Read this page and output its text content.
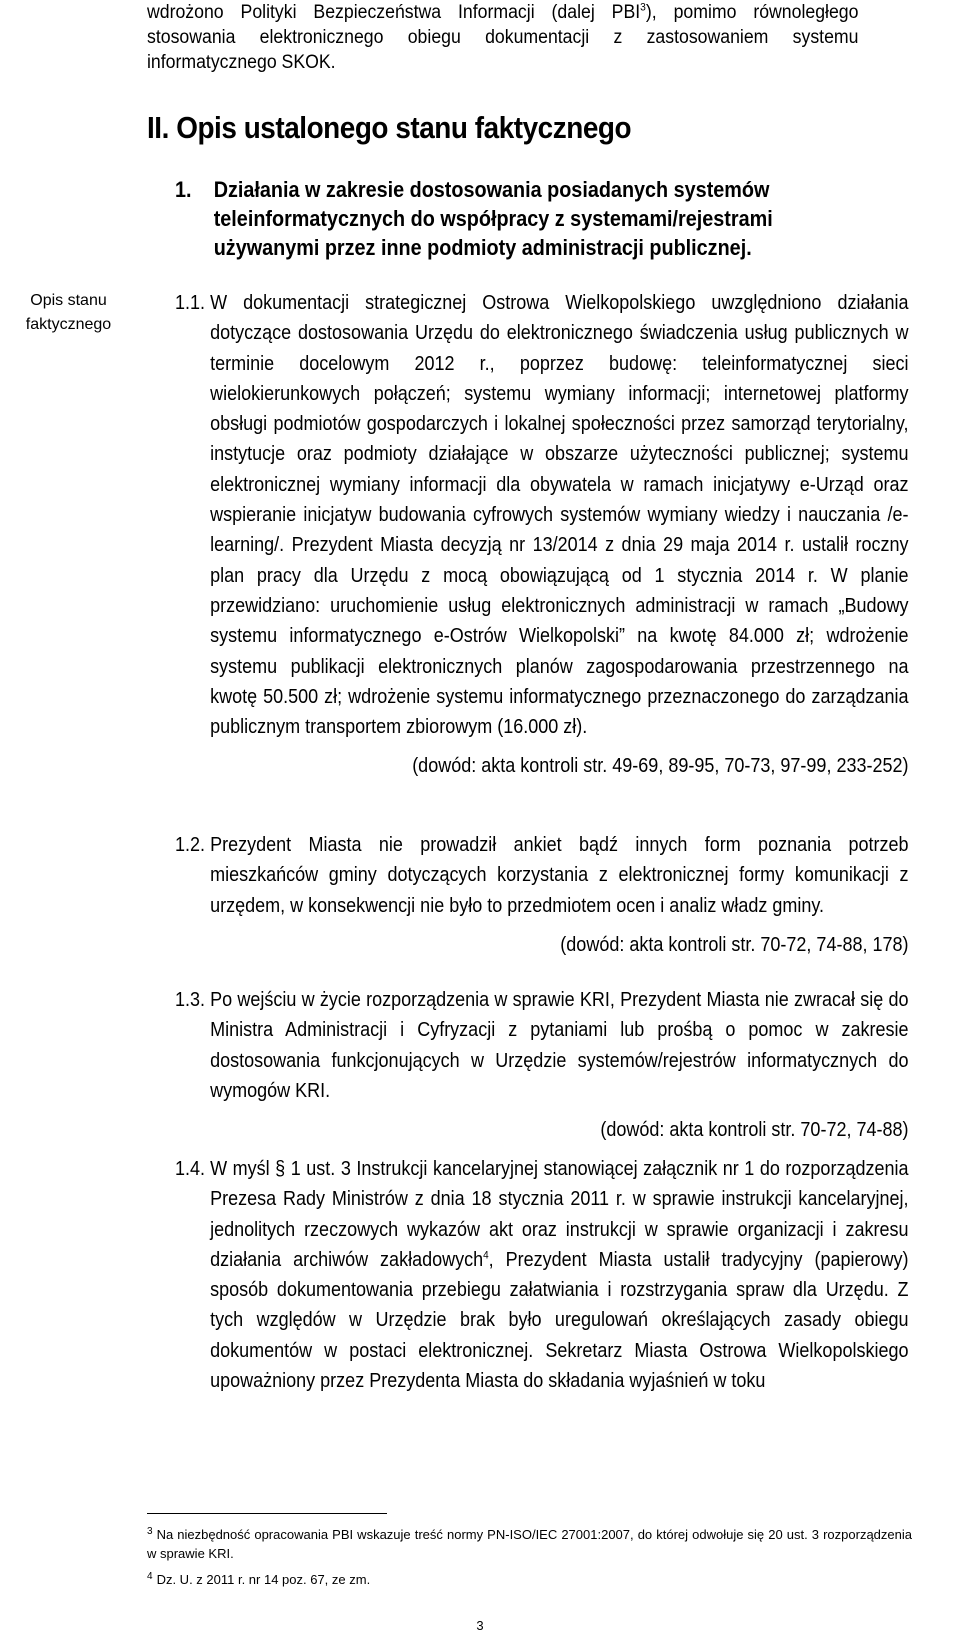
wdrożono Polityki Bezpieczeństwa Informacji (dalej PBI$^3$), pomimo równoległego stosowania elektronicznego obiegu dokumentacji z zastosowaniem systemu informatycznego SKOK.
Opis stanu faktycznego
II. Opis ustalonego stanu faktycznego
1. Działania w zakresie dostosowania posiadanych systemów teleinformatycznych do współpracy z systemami/rejestrami używanymi przez inne podmioty administracji publicznej.
1.1. W dokumentacji strategicznej Ostrowa Wielkopolskiego uwzględniono działania dotyczące dostosowania Urzędu do elektronicznego świadczenia usług publicznych w terminie docelowym 2012 r., poprzez budowę: teleinformatycznej sieci wielokierunkowych połączeń; systemu wymiany informacji; internetowej platformy obsługi podmiotów gospodarczych i lokalnej społeczności przez samorząd terytorialny, instytucje oraz podmioty działające w obszarze użyteczności publicznej; systemu elektronicznej wymiany informacji dla obywatela w ramach inicjatywy e-Urząd oraz wspieranie inicjatyw budowania cyfrowych systemów wymiany wiedzy i nauczania /e-learning/. Prezydent Miasta decyzją nr 13/2014 z dnia 29 maja 2014 r. ustalił roczny plan pracy dla Urzędu z mocą obowiązującą od 1 stycznia 2014 r. W planie przewidziano: uruchomienie usług elektronicznych administracji w ramach „Budowy systemu informatycznego e-Ostrów Wielkopolski” na kwotę 84.000 zł; wdrożenie systemu publikacji elektronicznych planów zagospodarowania przestrzennego na kwotę 50.500 zł; wdrożenie systemu informatycznego przeznaczonego do zarządzania publicznym transportem zbiorowym (16.000 zł).
(dowód: akta kontroli str. 49-69, 89-95, 70-73, 97-99, 233-252)
1.2. Prezydent Miasta nie prowadził ankiet bądź innych form poznania potrzeb mieszkańców gminy dotyczących korzystania z elektronicznej formy komunikacji z urzędem, w konsekwencji nie było to przedmiotem ocen i analiz władz gminy.
(dowód: akta kontroli str. 70-72, 74-88, 178)
1.3. Po wejściu w życie rozporządzenia w sprawie KRI, Prezydent Miasta nie zwracał się do Ministra Administracji i Cyfryzacji z pytaniami lub prośbą o pomoc w zakresie dostosowania funkcjonujących w Urzędzie systemów/rejestrów informatycznych do wymogów KRI.
(dowód: akta kontroli str. 70-72, 74-88)
1.4. W myśl § 1 ust. 3 Instrukcji kancelaryjnej stanowiącej załącznik nr 1 do rozporządzenia Prezesa Rady Ministrów z dnia 18 stycznia 2011 r. w sprawie instrukcji kancelaryjnej, jednolitych rzeczowych wykazów akt oraz instrukcji w sprawie organizacji i zakresu działania archiwów zakładowych$^4$, Prezydent Miasta ustalił tradycyjny (papierowy) sposób dokumentowania przebiegu załatwiania i rozstrzygania spraw dla Urzędu. Z tych względów w Urzędzie brak było uregulowań określających zasady obiegu dokumentów w postaci elektronicznej. Sekretarz Miasta Ostrowa Wielkopolskiego upoważniony przez Prezydenta Miasta do składania wyjaśnień w toku
$^3$ Na niezbędność opracowania PBI wskazuje treść normy PN-ISO/IEC 27001:2007, do której odwołuje się 20 ust. 3 rozporządzenia w sprawie KRI.
$^4$ Dz. U. z 2011 r. nr 14 poz. 67, ze zm.
3
